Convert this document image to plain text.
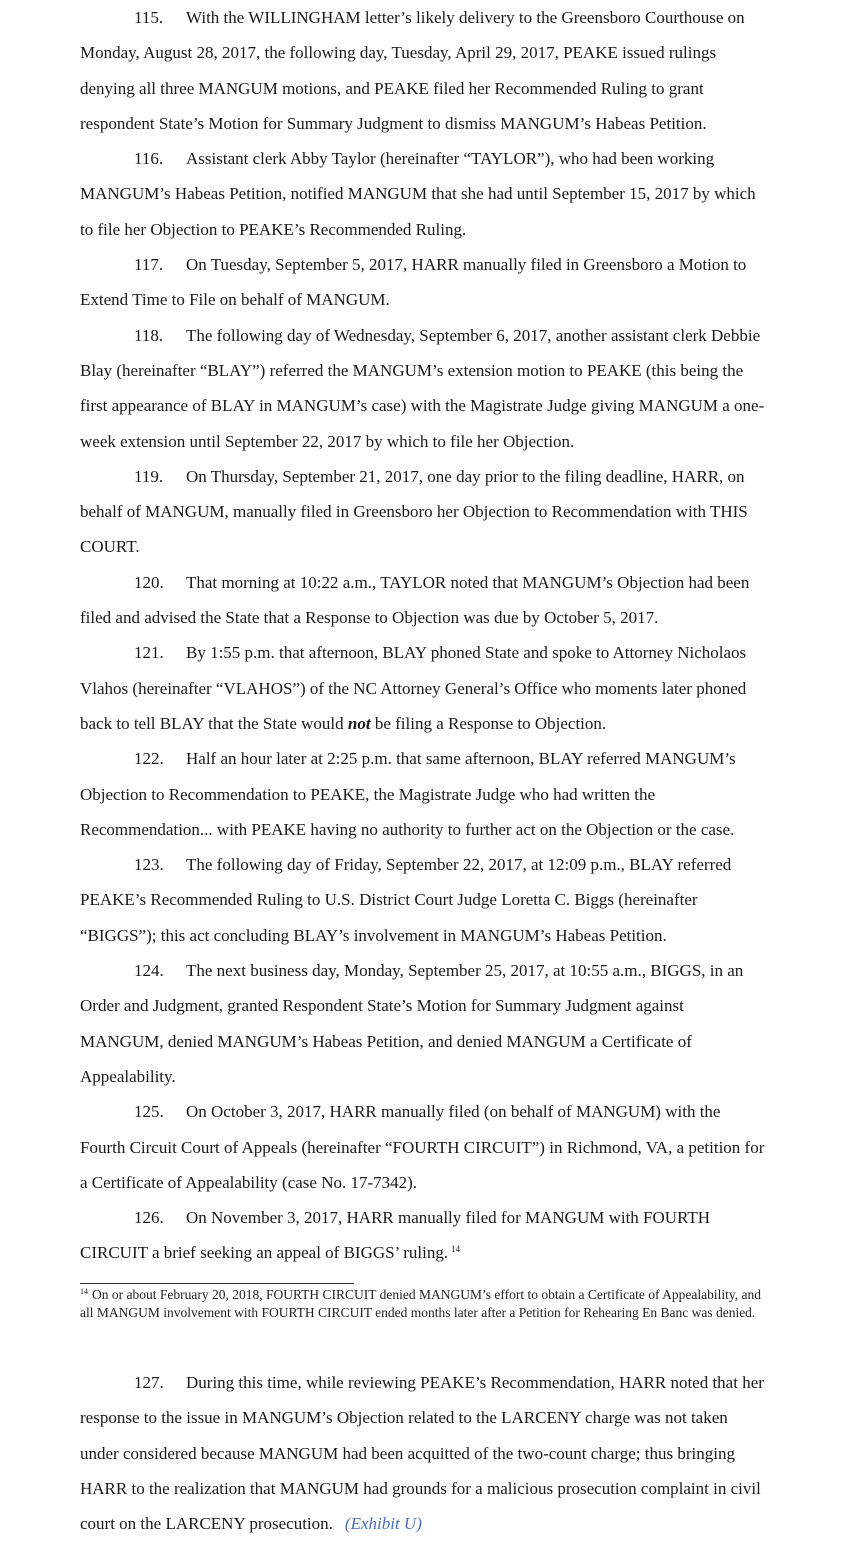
115. With the WILLINGHAM letter’s likely delivery to the Greensboro Courthouse on Monday, August 28, 2017, the following day, Tuesday, April 29, 2017, PEAKE issued rulings denying all three MANGUM motions, and PEAKE filed her Recommended Ruling to grant respondent State’s Motion for Summary Judgment to dismiss MANGUM’s Habeas Petition.

116. Assistant clerk Abby Taylor (hereinafter “TAYLOR”), who had been working MANGUM’s Habeas Petition, notified MANGUM that she had until September 15, 2017 by which to file her Objection to PEAKE’s Recommended Ruling.

117. On Tuesday, September 5, 2017, HARR manually filed in Greensboro a Motion to Extend Time to File on behalf of MANGUM.

118. The following day of Wednesday, September 6, 2017, another assistant clerk Debbie Blay (hereinafter “BLAY”) referred the MANGUM’s extension motion to PEAKE (this being the first appearance of BLAY in MANGUM’s case) with the Magistrate Judge giving MANGUM a one-week extension until September 22, 2017 by which to file her Objection.

119. On Thursday, September 21, 2017, one day prior to the filing deadline, HARR, on behalf of MANGUM, manually filed in Greensboro her Objection to Recommendation with THIS COURT.

120. That morning at 10:22 a.m., TAYLOR noted that MANGUM’s Objection had been filed and advised the State that a Response to Objection was due by October 5, 2017.

121. By 1:55 p.m. that afternoon, BLAY phoned State and spoke to Attorney Nicholaos Vlahos (hereinafter “VLAHOS”) of the NC Attorney General’s Office who moments later phoned back to tell BLAY that the State would not be filing a Response to Objection.

122. Half an hour later at 2:25 p.m. that same afternoon, BLAY referred MANGUM’s Objection to Recommendation to PEAKE, the Magistrate Judge who had written the Recommendation... with PEAKE having no authority to further act on the Objection or the case.

123. The following day of Friday, September 22, 2017, at 12:09 p.m., BLAY referred PEAKE’s Recommended Ruling to U.S. District Court Judge Loretta C. Biggs (hereinafter “BIGGS”); this act concluding BLAY’s involvement in MANGUM’s Habeas Petition.

124. The next business day, Monday, September 25, 2017, at 10:55 a.m., BIGGS, in an Order and Judgment, granted Respondent State’s Motion for Summary Judgment against MANGUM, denied MANGUM’s Habeas Petition, and denied MANGUM a Certificate of Appealability.

125. On October 3, 2017, HARR manually filed (on behalf of MANGUM) with the Fourth Circuit Court of Appeals (hereinafter “FOURTH CIRCUIT”) in Richmond, VA, a petition for a Certificate of Appealability (case No. 17-7342).

126. On November 3, 2017, HARR manually filed for MANGUM with FOURTH CIRCUIT a brief seeking an appeal of BIGGS’ ruling. $^{14}$

$^{14}$ On or about February 20, 2018, FOURTH CIRCUIT denied MANGUM’s effort to obtain a Certificate of Appealability, and all MANGUM involvement with FOURTH CIRCUIT ended months later after a Petition for Rehearing En Banc was denied.

127. During this time, while reviewing PEAKE’s Recommendation, HARR noted that her response to the issue in MANGUM’s Objection related to the LARCENY charge was not taken under considered because MANGUM had been acquitted of the two-count charge; thus bringing HARR to the realization that MANGUM had grounds for a malicious prosecution complaint in civil court on the LARCENY prosecution. (Exhibit U)
